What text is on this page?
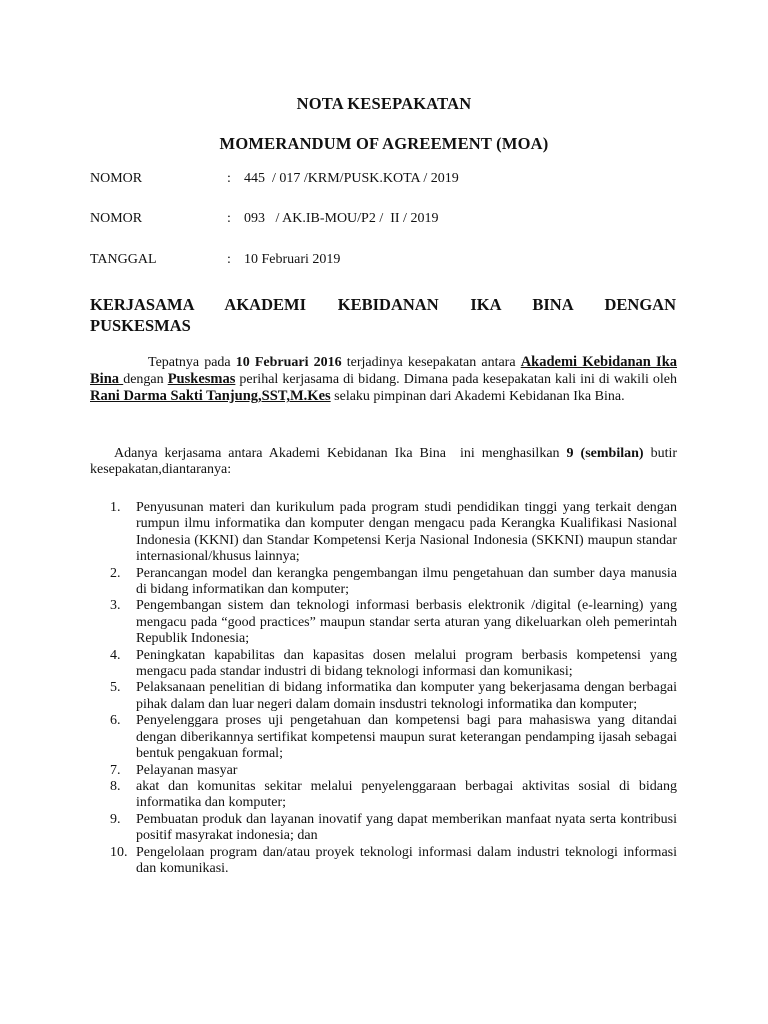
NOTA KESEPAKATAN
MOMERANDUM OF AGREEMENT (MOA)
NOMOR	: 445  / 017 /KRM/PUSK.KOTA / 2019
NOMOR	: 093   / AK.IB-MOU/P2 /  II / 2019
TANGGAL	: 10 Februari 2019
KERJASAMA AKADEMI KEBIDANAN IKA BINA DENGAN
PUSKESMAS
Tepatnya pada 10 Februari 2016 terjadinya kesepakatan antara Akademi Kebidanan Ika Bina dengan Puskesmas perihal kerjasama di bidang. Dimana pada kesepakatan kali ini di wakili oleh  Rani Darma Sakti Tanjung,SST,M.Kes selaku pimpinan dari Akademi Kebidanan Ika Bina.
Adanya kerjasama antara Akademi Kebidanan Ika Bina  ini menghasilkan 9 (sembilan) butir kesepakatan,diantaranya:
1. Penyusunan materi dan kurikulum pada program studi pendidikan tinggi yang terkait dengan rumpun ilmu informatika dan komputer dengan mengacu pada Kerangka Kualifikasi Nasional Indonesia (KKNI) dan Standar Kompetensi Kerja Nasional Indonesia (SKKNI) maupun standar internasional/khusus lainnya;
2. Perancangan model dan kerangka pengembangan ilmu pengetahuan dan sumber daya manusia di bidang informatikan dan komputer;
3. Pengembangan sistem dan teknologi informasi berbasis elektronik /digital (e-learning) yang mengacu pada “good practices” maupun standar serta aturan yang dikeluarkan oleh pemerintah Republik Indonesia;
4. Peningkatan kapabilitas dan kapasitas dosen melalui program berbasis kompetensi yang mengacu pada standar industri di bidang teknologi informasi dan komunikasi;
5. Pelaksanaan penelitian di bidang informatika dan komputer yang bekerjasama dengan berbagai pihak dalam dan luar negeri dalam domain insdustri teknologi informatika dan komputer;
6. Penyelenggara proses uji pengetahuan dan kompetensi bagi para mahasiswa yang ditandai dengan diberikannya sertifikat kompetensi maupun surat keterangan pendamping ijasah sebagai bentuk pengakuan formal;
7. Pelayanan masyar
8. akat dan komunitas sekitar melalui penyelenggaraan berbagai aktivitas sosial di bidang informatika dan komputer;
9. Pembuatan produk dan layanan inovatif yang dapat memberikan manfaat nyata serta kontribusi positif masyrakat indonesia; dan
10. Pengelolaan program dan/atau proyek teknologi informasi dalam industri teknologi informasi dan komunikasi.
